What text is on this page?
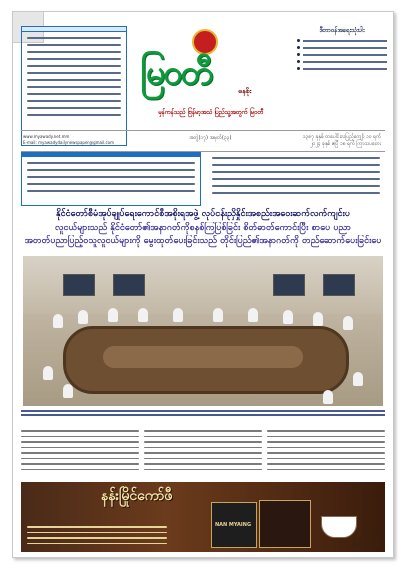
မြဝတီ	ဓနစိုး
မှန်ကန်သည် ဗြန်မာ့အသံ ပြည်သူ့အတွက် မြဝတီ
ဒီတာဝန်အရေးသုံးပါး
www.myawady.net.mm
E-mail: myawadydailynewspaper@gmail.com
အတွဲ(၁၇) အမှတ်(၃၃)	၁၃၈၇ ခုနှစ် တပေါင်းလပြည့်ကျော် ၁၀ ရက်
၂၀၂၄ ခုနှစ် ဧပြီ ၁၈ ရက် ကြာသပတေး
နိုင်ငံတော်စီမံအုပ်ချုပ်ရေးကောင်စီအစိုးရအဖွဲ့ လုပ်ငန်းညှိနှိုင်းအစည်းအဝေးဆက်လက်ကျင်းပ
လူငယ်များသည် နိုင်ငံတော်၏အနာဂတ်ကိုစနစ်ကြပြစ်ခြင်း စိတ်ဓာတ်ကောင်းပြီး စာပေ ပညာ
အတတ်ပညာပြည့်ဝသူလူငယ်များကို မွေးထုတ်ပေးခြင်းသည် တိုင်းပြည်၏အနာဂတ်ကို တည်ဆောက်ပေးခြင်းပေ
နန်းမြိုင်ကော်ဖီ
NAN MYAING
